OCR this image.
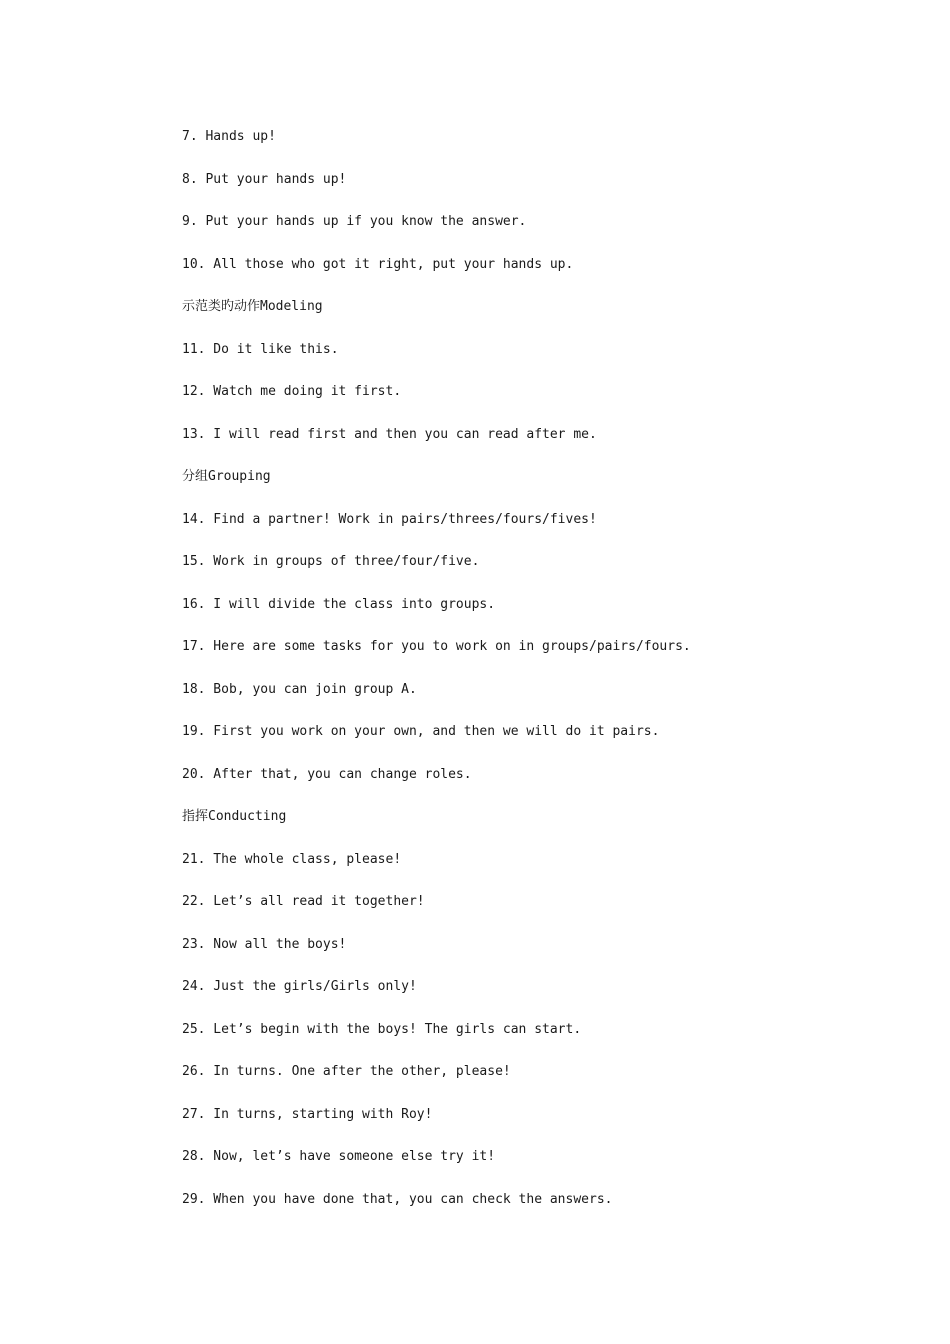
7. Hands up!
8. Put your hands up!
9. Put your hands up if you know the answer.
10. All those who got it right, put your hands up.
示范类旳动作Modeling
11. Do it like this.
12. Watch me doing it first.
13. I will read first and then you can read after me.
分组Grouping
14. Find a partner! Work in pairs/threes/fours/fives!
15. Work in groups of three/four/five.
16. I will divide the class into groups.
17. Here are some tasks for you to work on in groups/pairs/fours.
18. Bob, you can join group A.
19. First you work on your own, and then we will do it pairs.
20. After that, you can change roles.
指挥Conducting
21. The whole class, please!
22. Let’s all read it together!
23. Now all the boys!
24. Just the girls/Girls only!
25. Let’s begin with the boys! The girls can start.
26. In turns. One after the other, please!
27. In turns, starting with Roy!
28. Now, let’s have someone else try it!
29. When you have done that, you can check the answers.
